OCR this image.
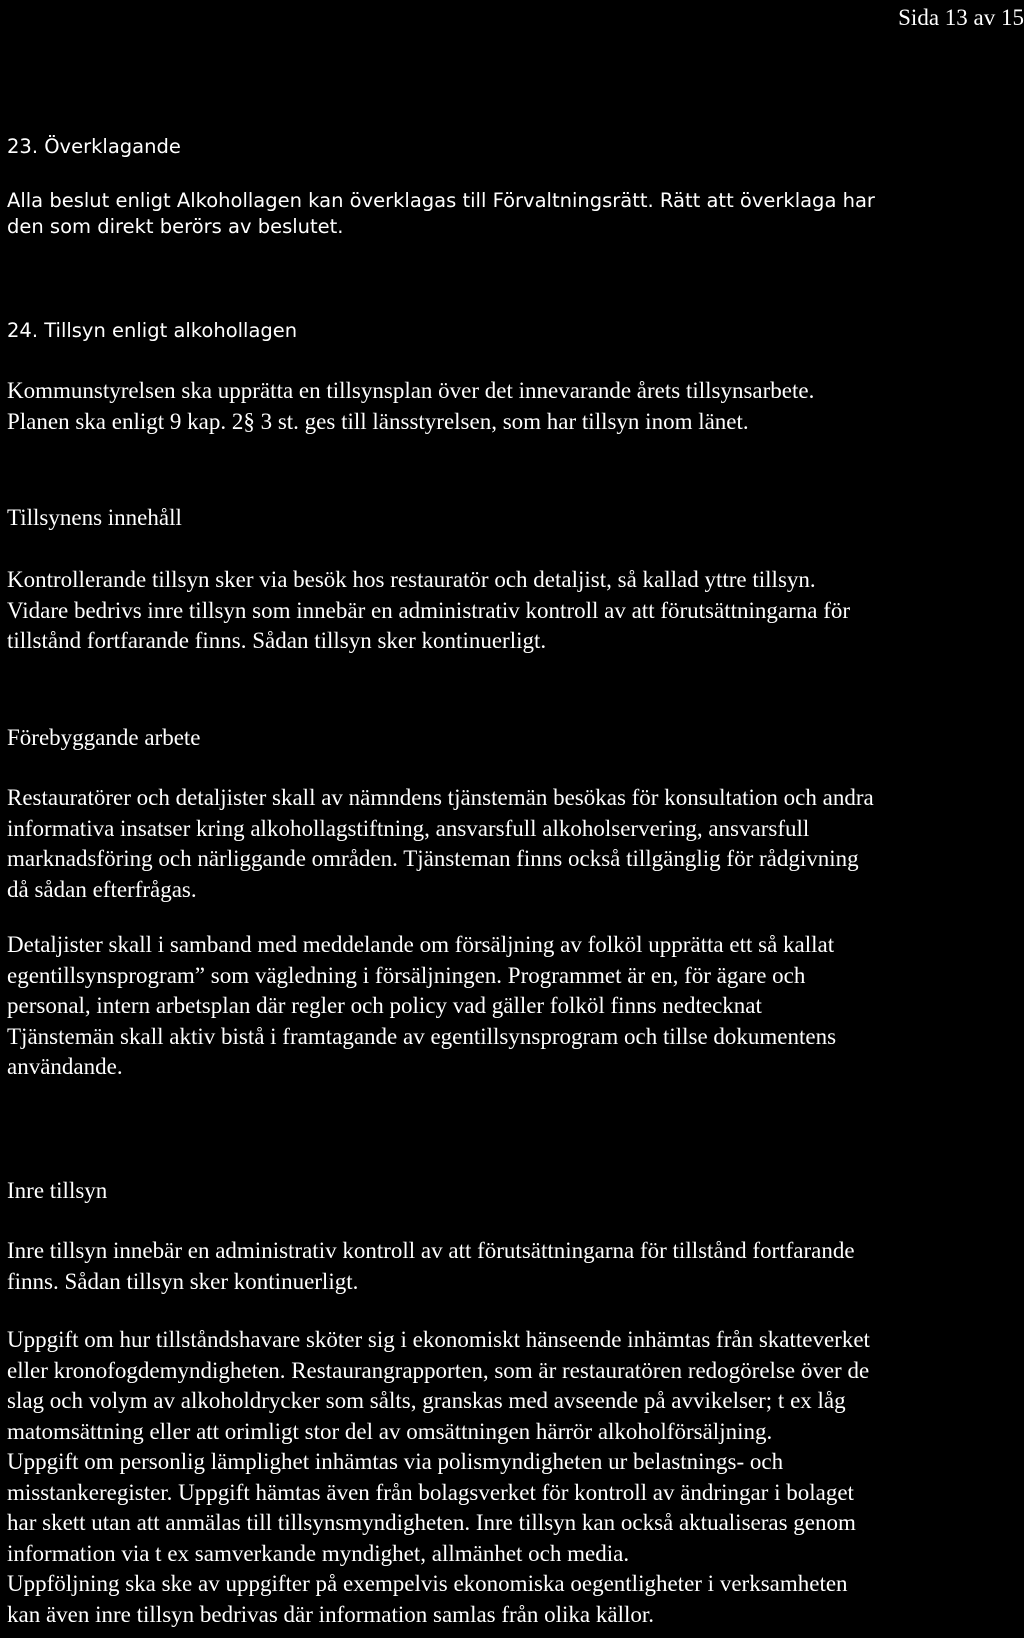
Sida 13 av 15
23. Överklagande

Alla beslut enligt Alkohollagen kan överklagas till Förvaltningsrätt. Rätt att överklaga har
den som direkt berörs av beslutet.

24. Tillsyn enligt alkohollagen

Kommunstyrelsen ska upprätta en tillsynsplan över det innevarande årets tillsynsarbete.
Planen ska enligt 9 kap. 2§ 3 st. ges till länsstyrelsen, som har tillsyn inom länet.

Tillsynens innehåll

Kontrollerande tillsyn sker via besök hos restauratör och detaljist, så kallad yttre tillsyn.
Vidare bedrivs inre tillsyn som innebär en administrativ kontroll av att förutsättningarna för
tillstånd fortfarande finns. Sådan tillsyn sker kontinuerligt.

Förebyggande arbete

Restauratörer och detaljister skall av nämndens tjänstemän besökas för konsultation och andra
informativa insatser kring alkohollagstiftning, ansvarsfull alkoholservering, ansvarsfull
marknadsföring och närliggande områden. Tjänsteman finns också tillgänglig för rådgivning
då sådan efterfrågas.

Detaljister skall i samband med meddelande om försäljning av folköl upprätta ett så kallat
egentillsynsprogram” som vägledning i försäljningen. Programmet är en, för ägare och
personal, intern arbetsplan där regler och policy vad gäller folköl finns nedtecknat
Tjänstemän skall aktiv bistå i framtagande av egentillsynsprogram och tillse dokumentens
användande.

Inre tillsyn

Inre tillsyn innebär en administrativ kontroll av att förutsättningarna för tillstånd fortfarande
finns. Sådan tillsyn sker kontinuerligt.

Uppgift om hur tillståndshavare sköter sig i ekonomiskt hänseende inhämtas från skatteverket
eller kronofogdemyndigheten. Restaurangrapporten, som är restauratören redogörelse över de
slag och volym av alkoholdrycker som sålts, granskas med avseende på avvikelser; t ex låg
matomsättning eller att orimligt stor del av omsättningen härrör alkoholförsäljning.
Uppgift om personlig lämplighet inhämtas via polismyndigheten ur belastnings- och
misstankeregister. Uppgift hämtas även från bolagsverket för kontroll av ändringar i bolaget
har skett utan att anmälas till tillsynsmyndigheten. Inre tillsyn kan också aktualiseras genom
information via t ex samverkande myndighet, allmänhet och media.
Uppföljning ska ske av uppgifter på exempelvis ekonomiska oegentligheter i verksamheten
kan även inre tillsyn bedrivas där information samlas från olika källor.
